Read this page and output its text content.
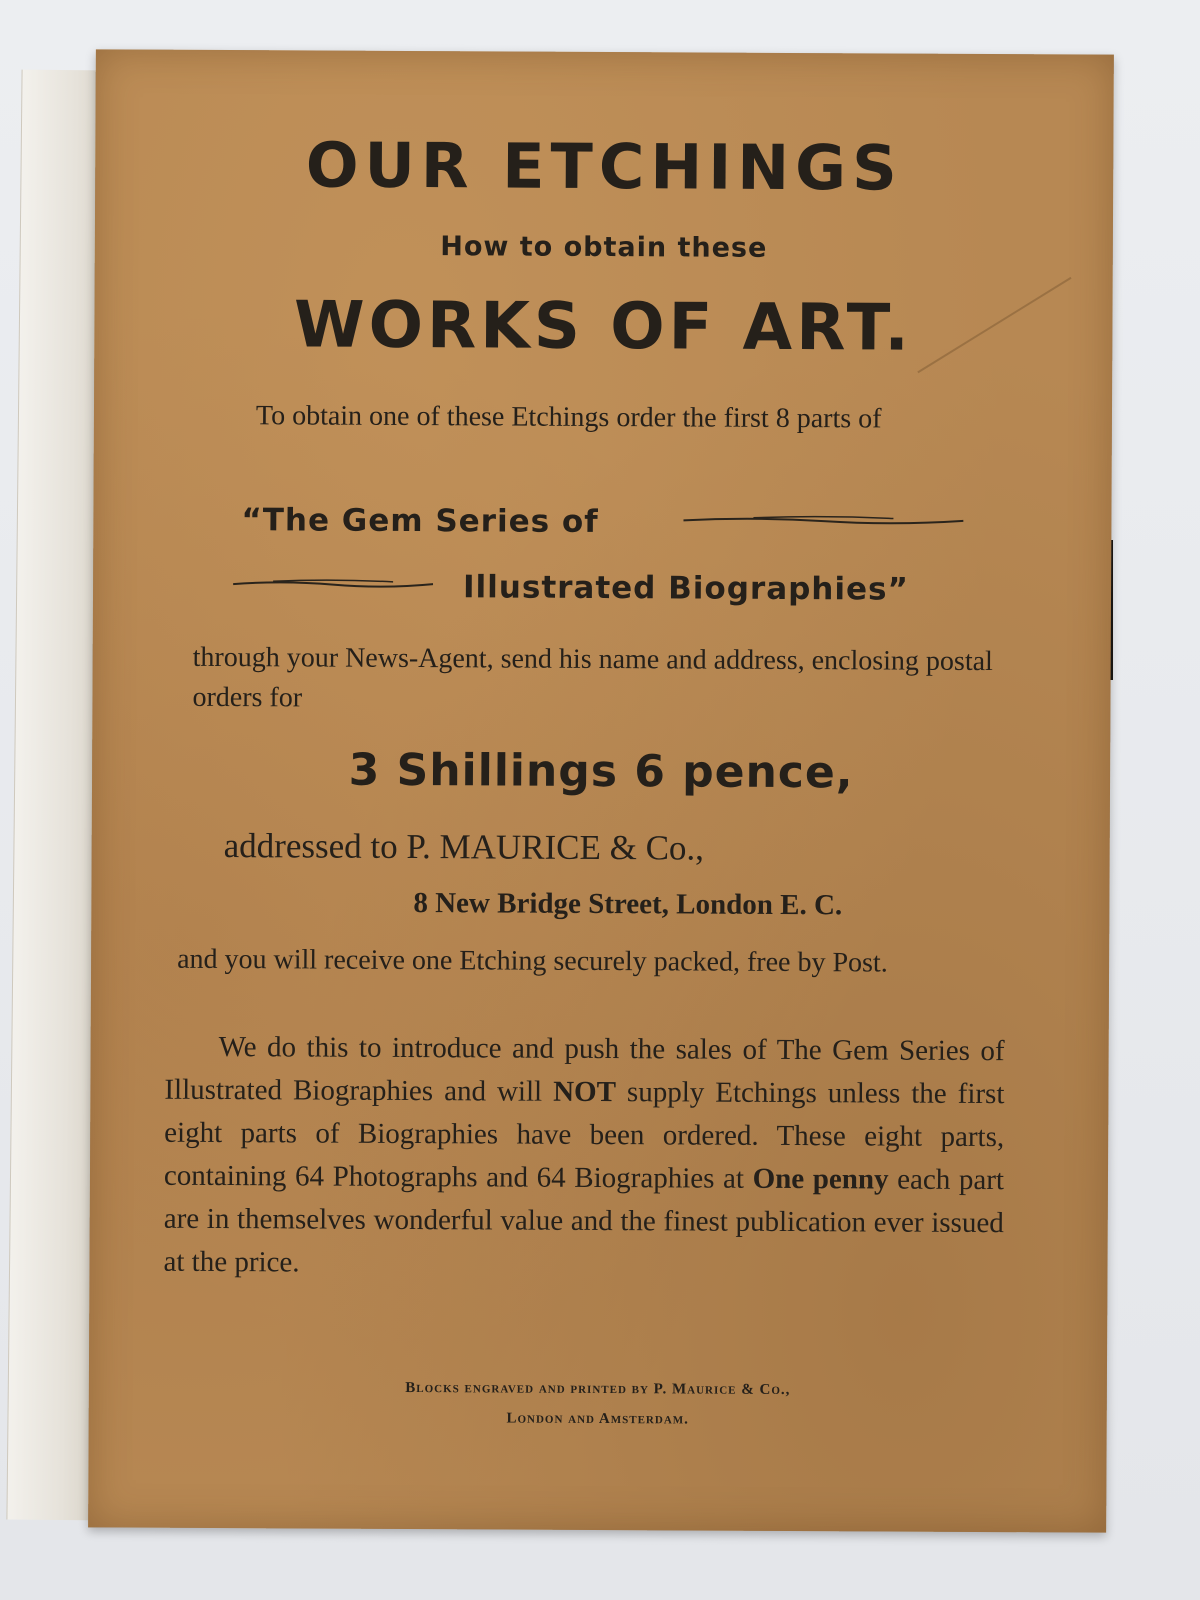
OUR ETCHINGS
How to obtain these
WORKS OF ART.
To obtain one of these Etchings order the first 8 parts of
“The Gem Series of
Illustrated Biographies”
through your News-Agent, send his name and address, enclosing postal orders for
3 Shillings 6 pence,
addressed to P. MAURICE & Co.,
8 New Bridge Street, London E. C.
and you will receive one Etching securely packed, free by Post.
We do this to introduce and push the sales of The Gem Series of Illustrated Biographies and will NOT supply Etchings unless the first eight parts of Biographies have been ordered. These eight parts, containing 64 Photographs and 64 Biographies at One penny each part are in themselves wonderful value and the finest publication ever issued at the price.
Blocks engraved and printed by P. Maurice & Co.,
London and Amsterdam.
